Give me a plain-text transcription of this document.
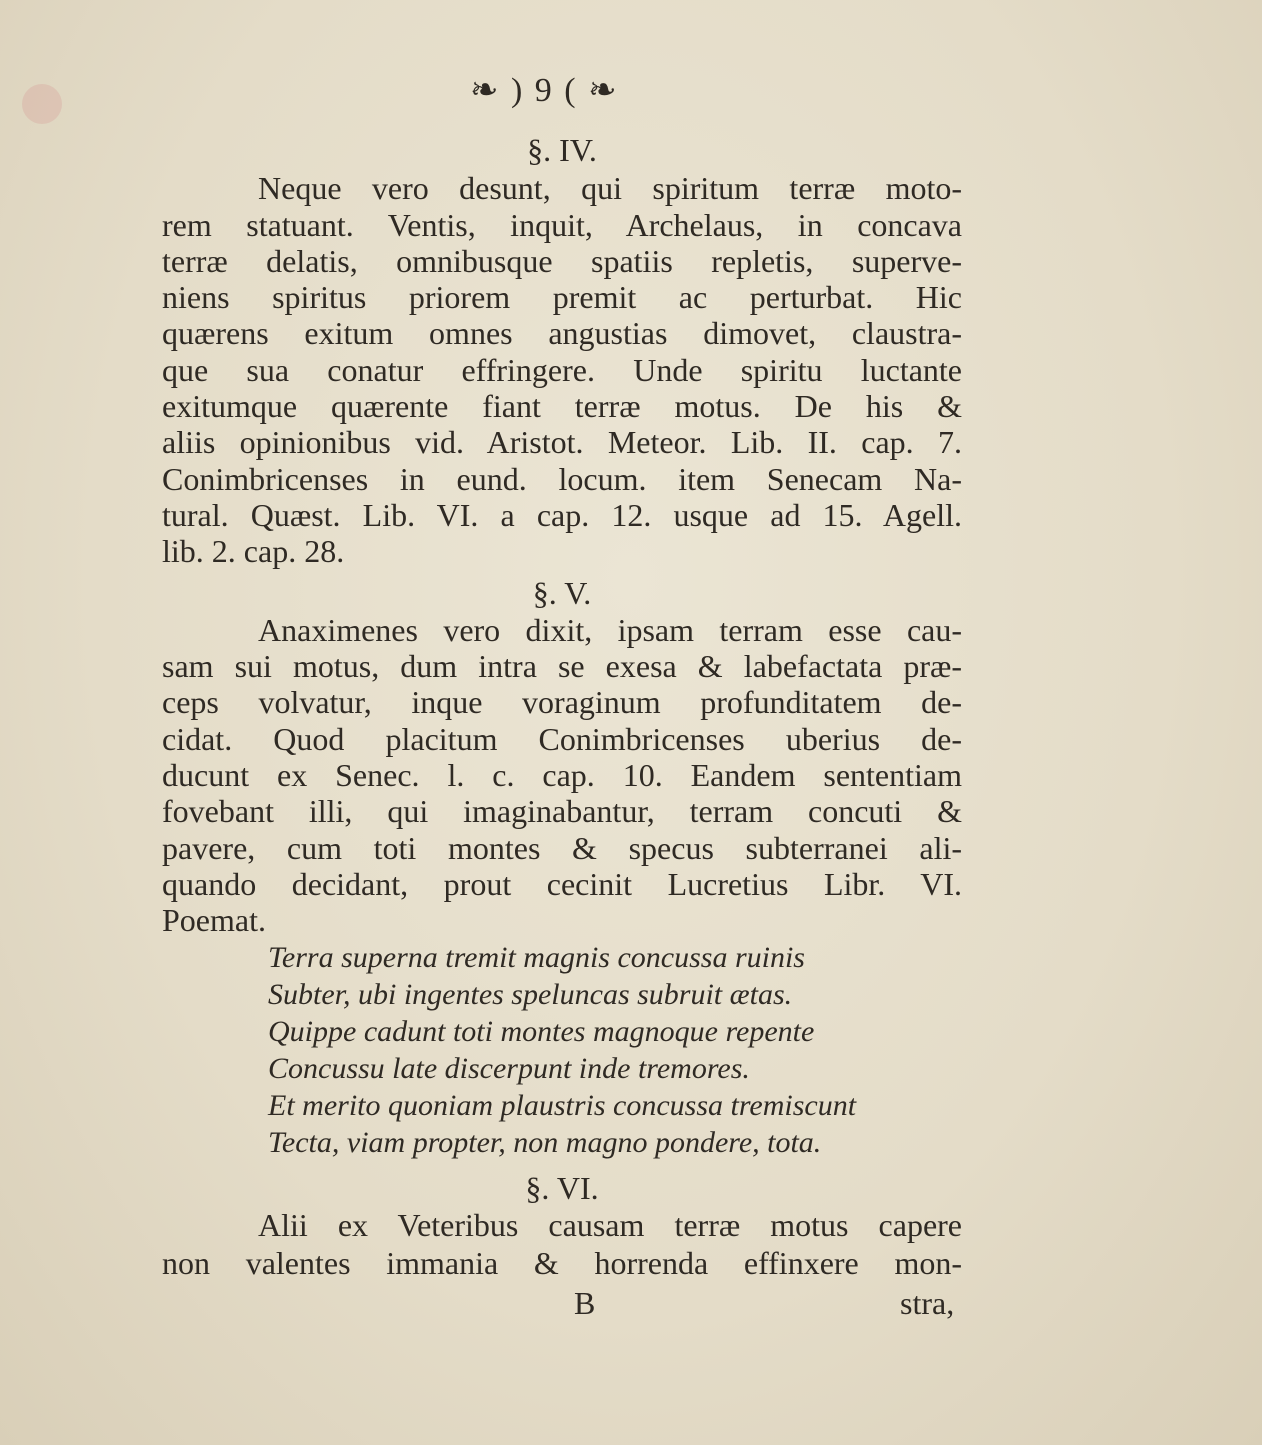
❧ ) 9 ( ❧
§. IV.
Neque vero desunt, qui spiritum terræ moto-
rem statuant. Ventis, inquit, Archelaus, in concava
terræ delatis, omnibusque spatiis repletis, superve-
niens spiritus priorem premit ac perturbat. Hic
quærens exitum omnes angustias dimovet, claustra-
que sua conatur effringere. Unde spiritu luctante
exitumque quærente fiant terræ motus. De his &
aliis opinionibus vid. Aristot. Meteor. Lib. II. cap. 7.
Conimbricenses in eund. locum. item Senecam Na-
tural. Quæst. Lib. VI. a cap. 12. usque ad 15. Agell.
lib. 2. cap. 28.
§. V.
Anaximenes vero dixit, ipsam terram esse cau-
sam sui motus, dum intra se exesa & labefactata præ-
ceps volvatur, inque voraginum profunditatem de-
cidat. Quod placitum Conimbricenses uberius de-
ducunt ex Senec. l. c. cap. 10. Eandem sententiam
fovebant illi, qui imaginabantur, terram concuti &
pavere, cum toti montes & specus subterranei ali-
quando decidant, prout cecinit Lucretius Libr. VI.
Poemat.
Terra superna tremit magnis concussa ruinis
Subter, ubi ingentes speluncas subruit ætas.
Quippe cadunt toti montes magnoque repente
Concussu late discerpunt inde tremores.
Et merito quoniam plaustris concussa tremiscunt
Tecta, viam propter, non magno pondere, tota.
§. VI.
Alii ex Veteribus causam terræ motus capere
non valentes immania & horrenda effinxere mon-
B	stra,
